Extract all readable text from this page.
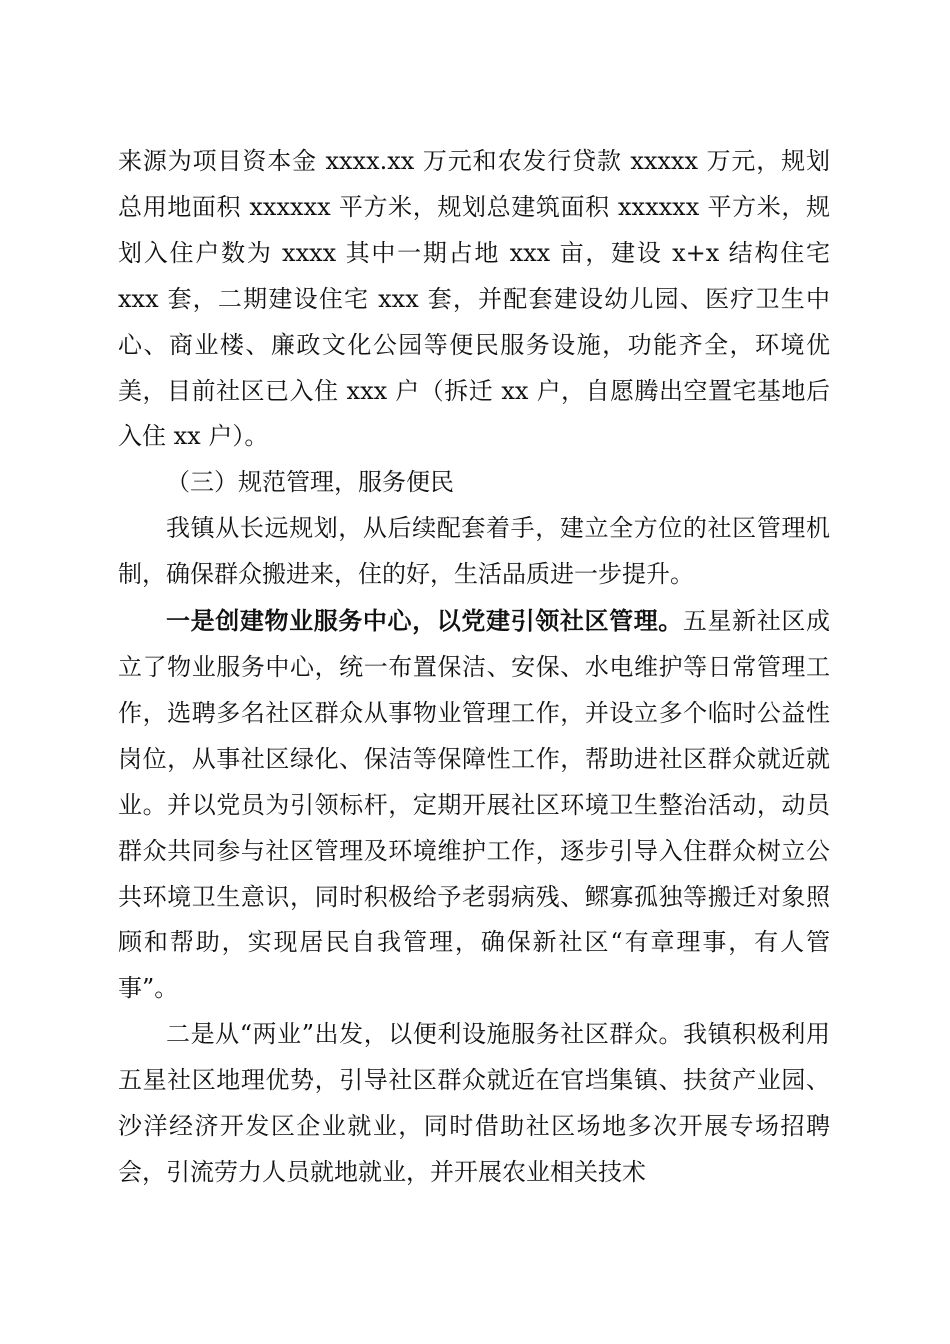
来源为项目资本金 xxxx.xx 万元和农发行贷款 xxxxx 万元，规划总用地面积 xxxxxx 平方米，规划总建筑面积 xxxxxx 平方米，规划入住户数为 xxxx 其中一期占地 xxx 亩，建设 x+x 结构住宅 xxx 套，二期建设住宅 xxx 套，并配套建设幼儿园、医疗卫生中心、商业楼、廉政文化公园等便民服务设施，功能齐全，环境优美，目前社区已入住 xxx 户（拆迁 xx 户，自愿腾出空置宅基地后入住 xx 户）。

（三）规范管理，服务便民

我镇从长远规划，从后续配套着手，建立全方位的社区管理机制，确保群众搬进来，住的好，生活品质进一步提升。

一是创建物业服务中心，以党建引领社区管理。五星新社区成立了物业服务中心，统一布置保洁、安保、水电维护等日常管理工作，选聘多名社区群众从事物业管理工作，并设立多个临时公益性岗位，从事社区绿化、保洁等保障性工作，帮助进社区群众就近就业。并以党员为引领标杆，定期开展社区环境卫生整治活动，动员群众共同参与社区管理及环境维护工作，逐步引导入住群众树立公共环境卫生意识，同时积极给予老弱病残、鳏寡孤独等搬迁对象照顾和帮助，实现居民自我管理，确保新社区“有章理事，有人管事”。

二是从“两业”出发，以便利设施服务社区群众。我镇积极利用五星社区地理优势，引导社区群众就近在官垱集镇、扶贫产业园、沙洋经济开发区企业就业，同时借助社区场地多次开展专场招聘会，引流劳力人员就地就业，并开展农业相关技术
